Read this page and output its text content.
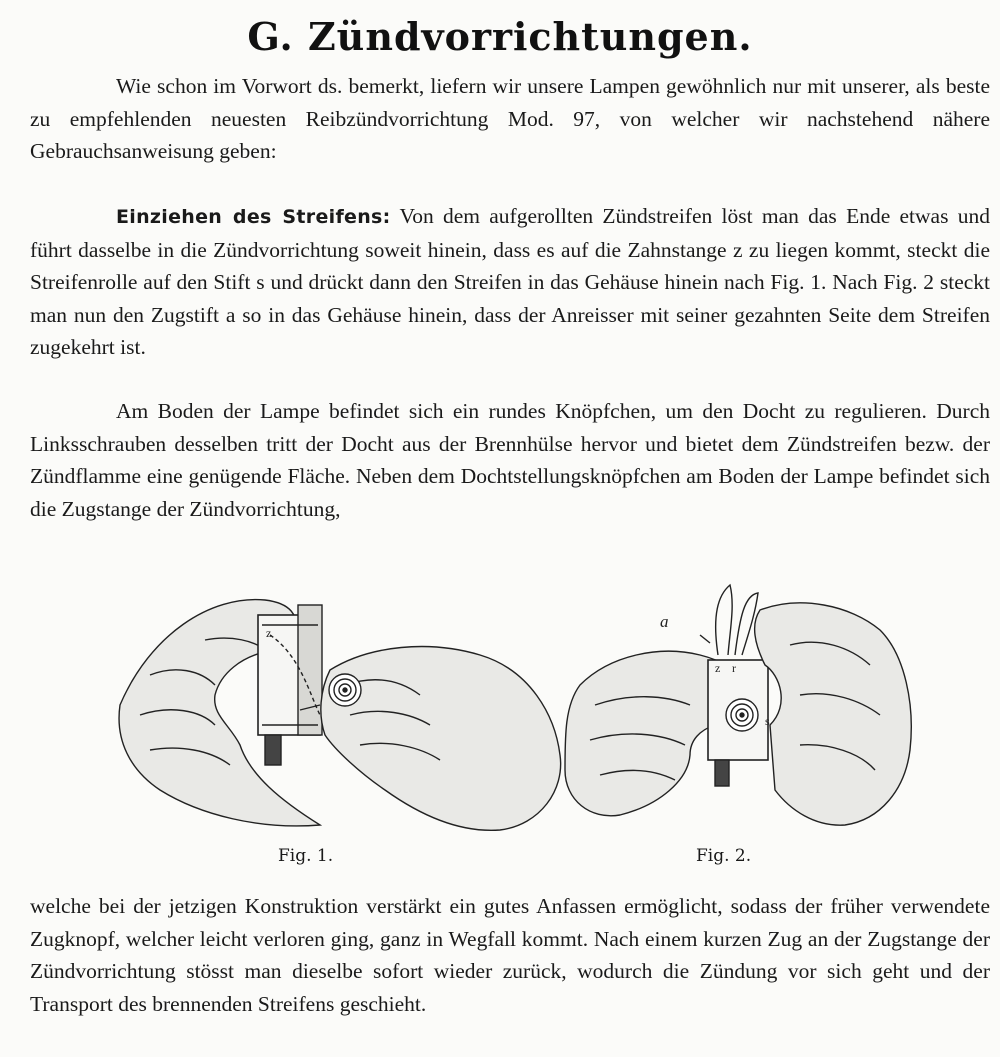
G. Zündvorrichtungen.

Wie schon im Vorwort ds. bemerkt, liefern wir unsere Lampen gewöhnlich nur mit unserer, als beste zu empfehlenden neuesten Reibzündvorrichtung Mod. 97, von welcher wir nachstehend nähere Gebrauchsanweisung geben:

Einziehen des Streifens: Von dem aufgerollten Zündstreifen löst man das Ende etwas und führt dasselbe in die Zündvorrichtung soweit hinein, dass es auf die Zahnstange z zu liegen kommt, steckt die Streifenrolle auf den Stift s und drückt dann den Streifen in das Gehäuse hinein nach Fig. 1. Nach Fig. 2 steckt man nun den Zugstift a so in das Gehäuse hinein, dass der Anreisser mit seiner gezahnten Seite dem Streifen zugekehrt ist.

Am Boden der Lampe befindet sich ein rundes Knöpfchen, um den Docht zu regulieren. Durch Linksschrauben desselben tritt der Docht aus der Brennhülse hervor und bietet dem Zündstreifen bezw. der Zündflamme eine genügende Fläche. Neben dem Dochtstellungsknöpfchen am Boden der Lampe befindet sich die Zugstange der Zündvorrichtung,

z
a
z r
s
Fig. 1.	Fig. 2.

welche bei der jetzigen Konstruktion verstärkt ein gutes Anfassen ermöglicht, sodass der früher verwendete Zugknopf, welcher leicht verloren ging, ganz in Wegfall kommt. Nach einem kurzen Zug an der Zugstange der Zündvorrichtung stösst man dieselbe sofort wieder zurück, wodurch die Zündung vor sich geht und der Transport des brennenden Streifens geschieht.
